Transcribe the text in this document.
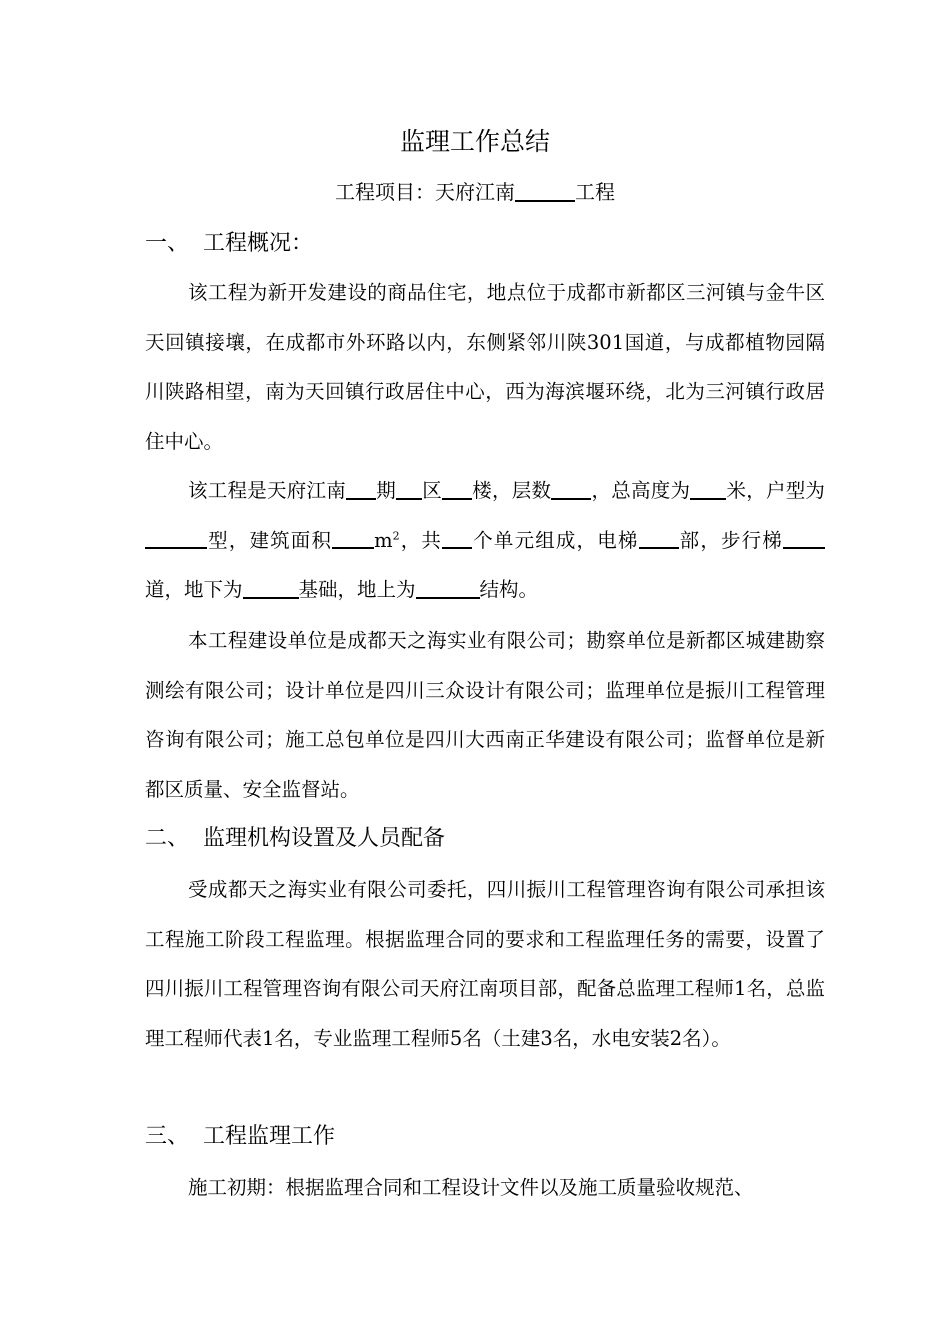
监理工作总结
工程项目：天府江南	工程
一、 工程概况：
该工程为新开发建设的商品住宅，地点位于成都市新都区三河镇与金牛区天回镇接壤，在成都市外环路以内，东侧紧邻川陕301国道，与成都植物园隔川陕路相望，南为天回镇行政居住中心，西为海滨堰环绕，北为三河镇行政居住中心。
该工程是天府江南 期 区 楼，层数 ，总高度为 米，户型为型，建筑面积 $m^2$，共 个单元组成，电梯 部，步行梯道，地下为	基础，地上为	结构。
本工程建设单位是成都天之海实业有限公司；勘察单位是新都区城建勘察测绘有限公司；设计单位是四川三众设计有限公司；监理单位是振川工程管理咨询有限公司；施工总包单位是四川大西南正华建设有限公司；监督单位是新都区质量、安全监督站。
二、 监理机构设置及人员配备
受成都天之海实业有限公司委托，四川振川工程管理咨询有限公司承担该工程施工阶段工程监理。根据监理合同的要求和工程监理任务的需要，设置了四川振川工程管理咨询有限公司天府江南项目部，配备总监理工程师1名，总监理工程师代表1名，专业监理工程师5名（土建3名，水电安装2名）。
三、 工程监理工作
施工初期：根据监理合同和工程设计文件以及施工质量验收规范、
